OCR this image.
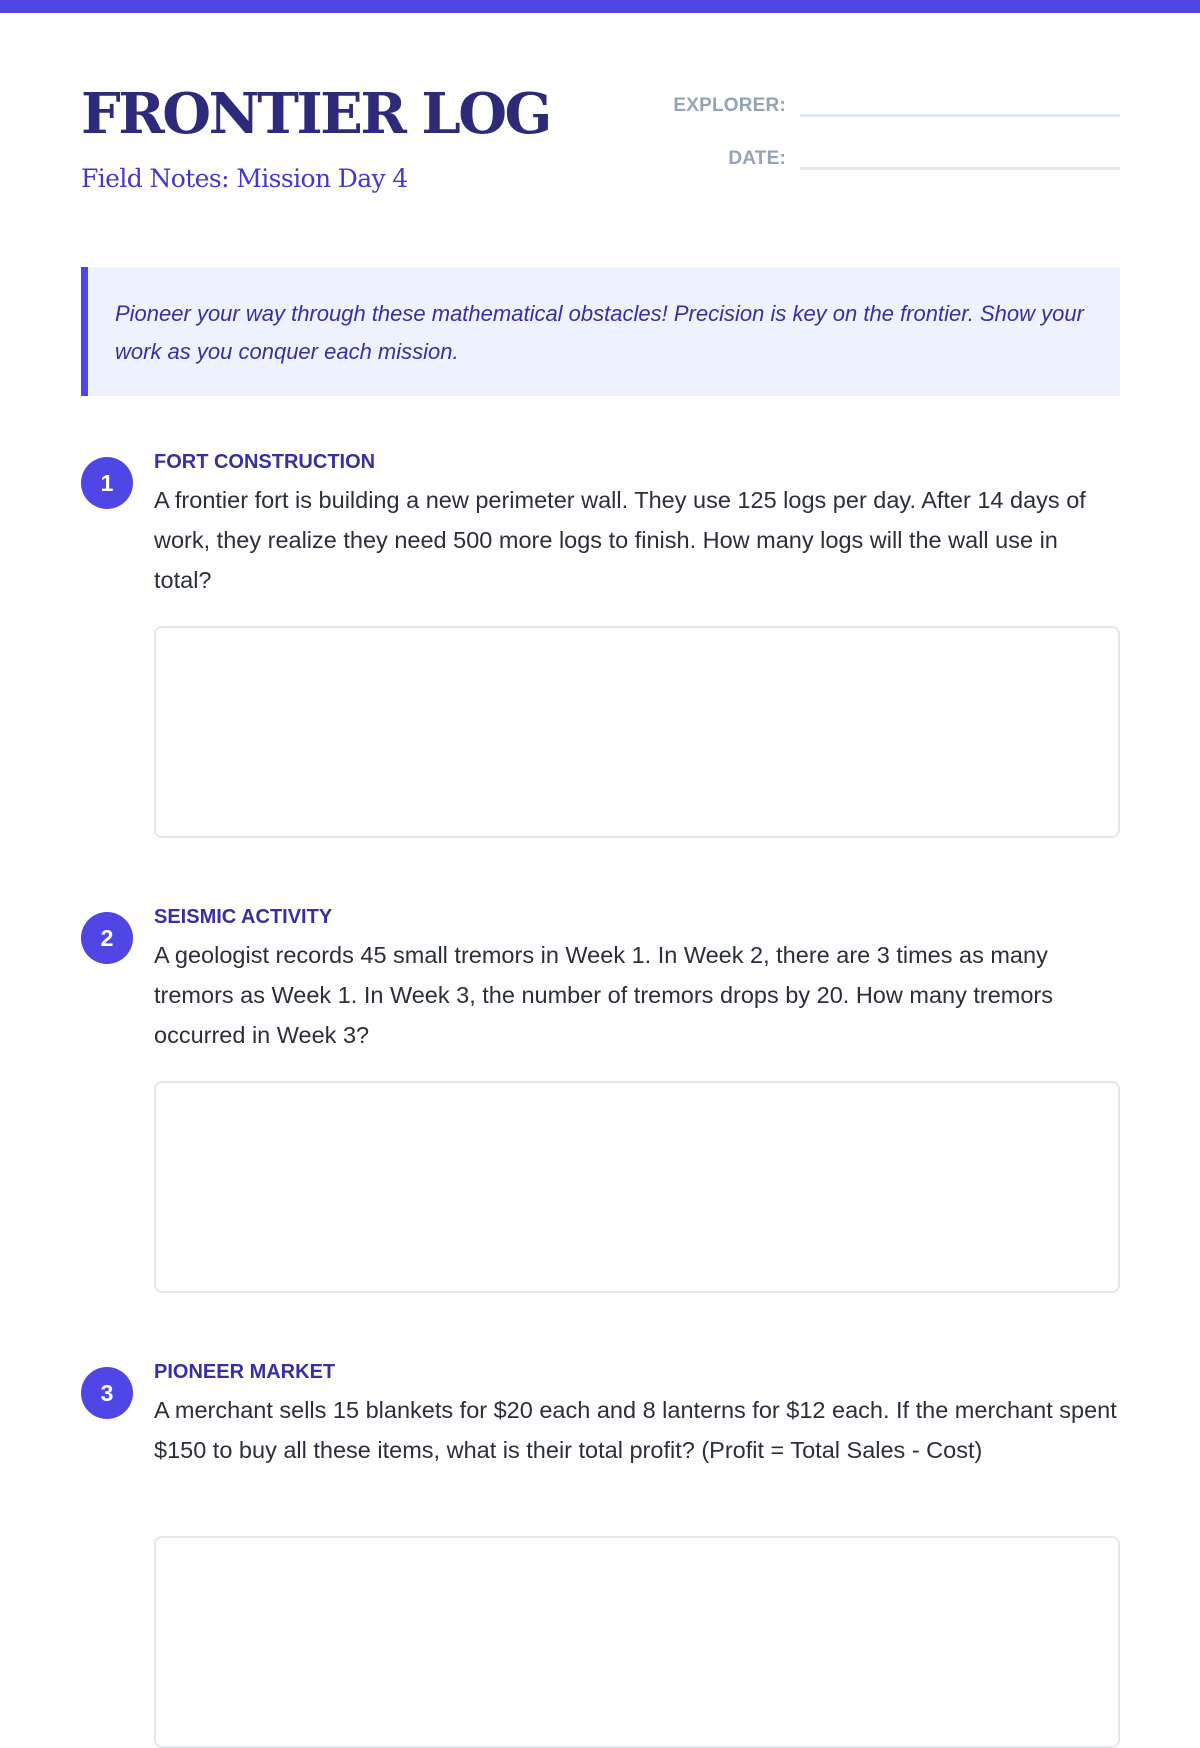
FRONTIER LOG

Field Notes: Mission Day 4

EXPLORER:
DATE:

Pioneer your way through these mathematical obstacles! Precision is key on the frontier. Show your work as you conquer each mission.

1

FORT CONSTRUCTION

A frontier fort is building a new perimeter wall. They use 125 logs per day. After 14 days of work, they realize they need 500 more logs to finish. How many logs will the wall use in total?

2

SEISMIC ACTIVITY

A geologist records 45 small tremors in Week 1. In Week 2, there are 3 times as many tremors as Week 1. In Week 3, the number of tremors drops by 20. How many tremors occurred in Week 3?

3

PIONEER MARKET

A merchant sells 15 blankets for $20 each and 8 lanterns for $12 each. If the merchant spent $150 to buy all these items, what is their total profit? (Profit = Total Sales - Cost)
